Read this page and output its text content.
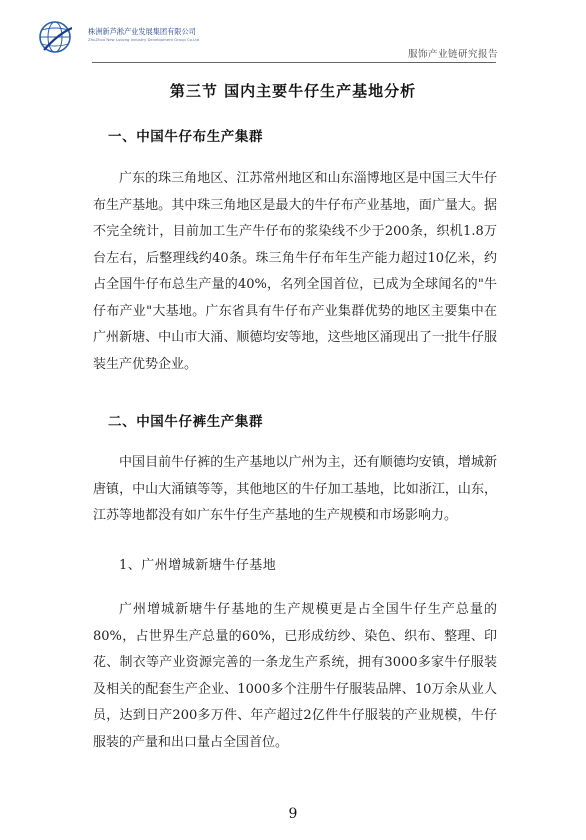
株洲新芦淞产业发展集团有限公司
ZhuZhou New Lusong Industry Development Group Co.Ltd
服饰产业链研究报告
第三节 国内主要牛仔生产基地分析
一、中国牛仔布生产集群

广东的珠三角地区、江苏常州地区和山东淄博地区是中国三大牛仔布生产基地。其中珠三角地区是最大的牛仔布产业基地，面广量大。据不完全统计，目前加工生产牛仔布的浆染线不少于200条，织机1.8万台左右，后整理线约40条。珠三角牛仔布年生产能力超过10亿米，约占全国牛仔布总生产量的40%，名列全国首位，已成为全球闻名的"牛仔布产业"大基地。广东省具有牛仔布产业集群优势的地区主要集中在广州新塘、中山市大涌、顺德均安等地，这些地区涌现出了一批牛仔服装生产优势企业。

二、中国牛仔裤生产集群

中国目前牛仔裤的生产基地以广州为主，还有顺德均安镇，增城新唐镇，中山大涌镇等等，其他地区的牛仔加工基地，比如浙江，山东，江苏等地都没有如广东牛仔生产基地的生产规模和市场影响力。

1、广州增城新塘牛仔基地

广州增城新塘牛仔基地的生产规模更是占全国牛仔生产总量的80%，占世界生产总量的60%，已形成纺纱、染色、织布、整理、印花、制衣等产业资源完善的一条龙生产系统，拥有3000多家牛仔服装及相关的配套生产企业、1000多个注册牛仔服装品牌、10万余从业人员，达到日产200多万件、年产超过2亿件牛仔服装的产业规模，牛仔服装的产量和出口量占全国首位。

9
